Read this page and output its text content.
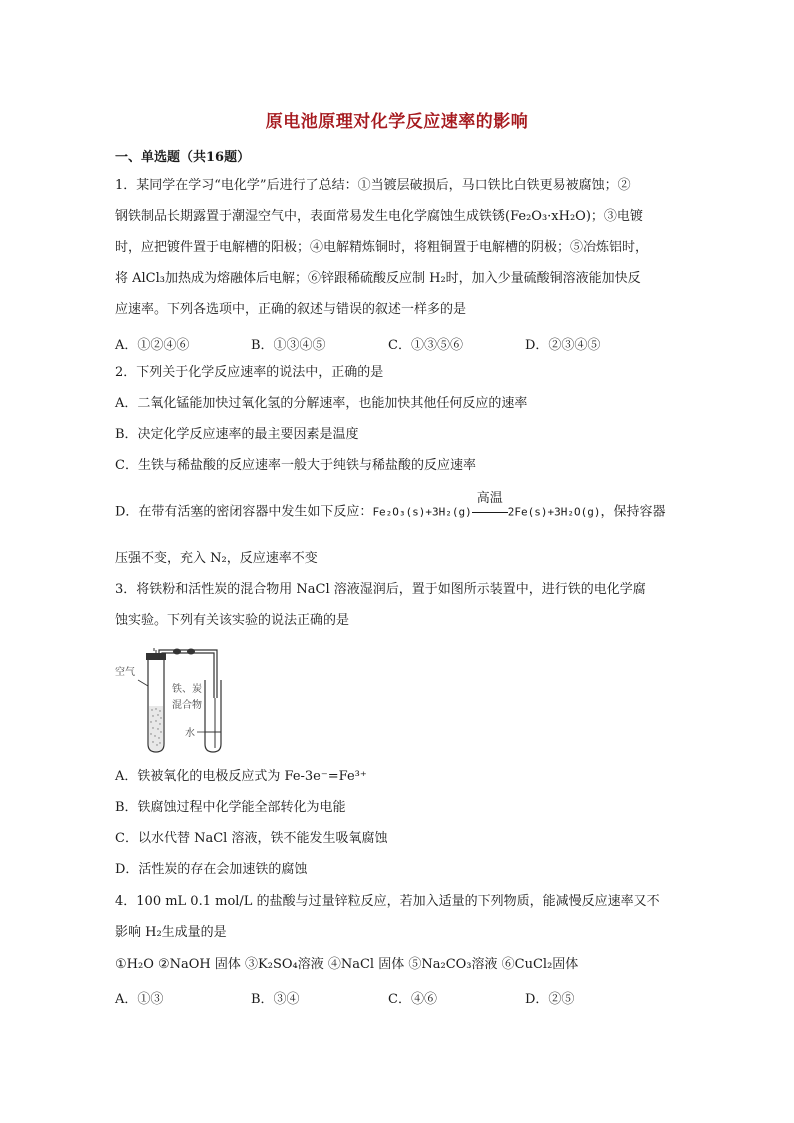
原电池原理对化学反应速率的影响
一、单选题（共16题）
1．某同学在学习“电化学”后进行了总结：①当镀层破损后，马口铁比白铁更易被腐蚀；②
钢铁制品长期露置于潮湿空气中，表面常易发生电化学腐蚀生成铁锈(Fe₂O₃·xH₂O)；③电镀
时，应把镀件置于电解槽的阳极；④电解精炼铜时，将粗铜置于电解槽的阴极；⑤冶炼铝时，
将 AlCl₃加热成为熔融体后电解；⑥锌跟稀硫酸反应制 H₂时，加入少量硫酸铜溶液能加快反
应速率。下列各选项中，正确的叙述与错误的叙述一样多的是
A．①②④⑥	B．①③④⑤	C．①③⑤⑥	D．②③④⑤
2．下列关于化学反应速率的说法中，正确的是
A．二氧化锰能加快过氧化氢的分解速率，也能加快其他任何反应的速率
B．决定化学反应速率的最主要因素是温度
C．生铁与稀盐酸的反应速率一般大于纯铁与稀盐酸的反应速率
D．在带有活塞的密闭容器中发生如下反应：Fe₂O₃(s)+3H₂(g)
高温
2Fe(s)+3H₂O(g)，保持容器
压强不变，充入 N₂，反应速率不变
3．将铁粉和活性炭的混合物用 NaCl 溶液湿润后，置于如图所示装置中，进行铁的电化学腐
蚀实验。下列有关该实验的说法正确的是
空气
铁、炭
混合物
水
A．铁被氧化的电极反应式为 Fe-3e⁻=Fe³⁺
B．铁腐蚀过程中化学能全部转化为电能
C．以水代替 NaCl 溶液，铁不能发生吸氧腐蚀
D．活性炭的存在会加速铁的腐蚀
4．100 mL 0.1 mol/L 的盐酸与过量锌粒反应，若加入适量的下列物质，能减慢反应速率又不
影响 H₂生成量的是
①H₂O ②NaOH 固体 ③K₂SO₄溶液 ④NaCl 固体 ⑤Na₂CO₃溶液 ⑥CuCl₂固体
A．①③	B．③④	C．④⑥	D．②⑤
